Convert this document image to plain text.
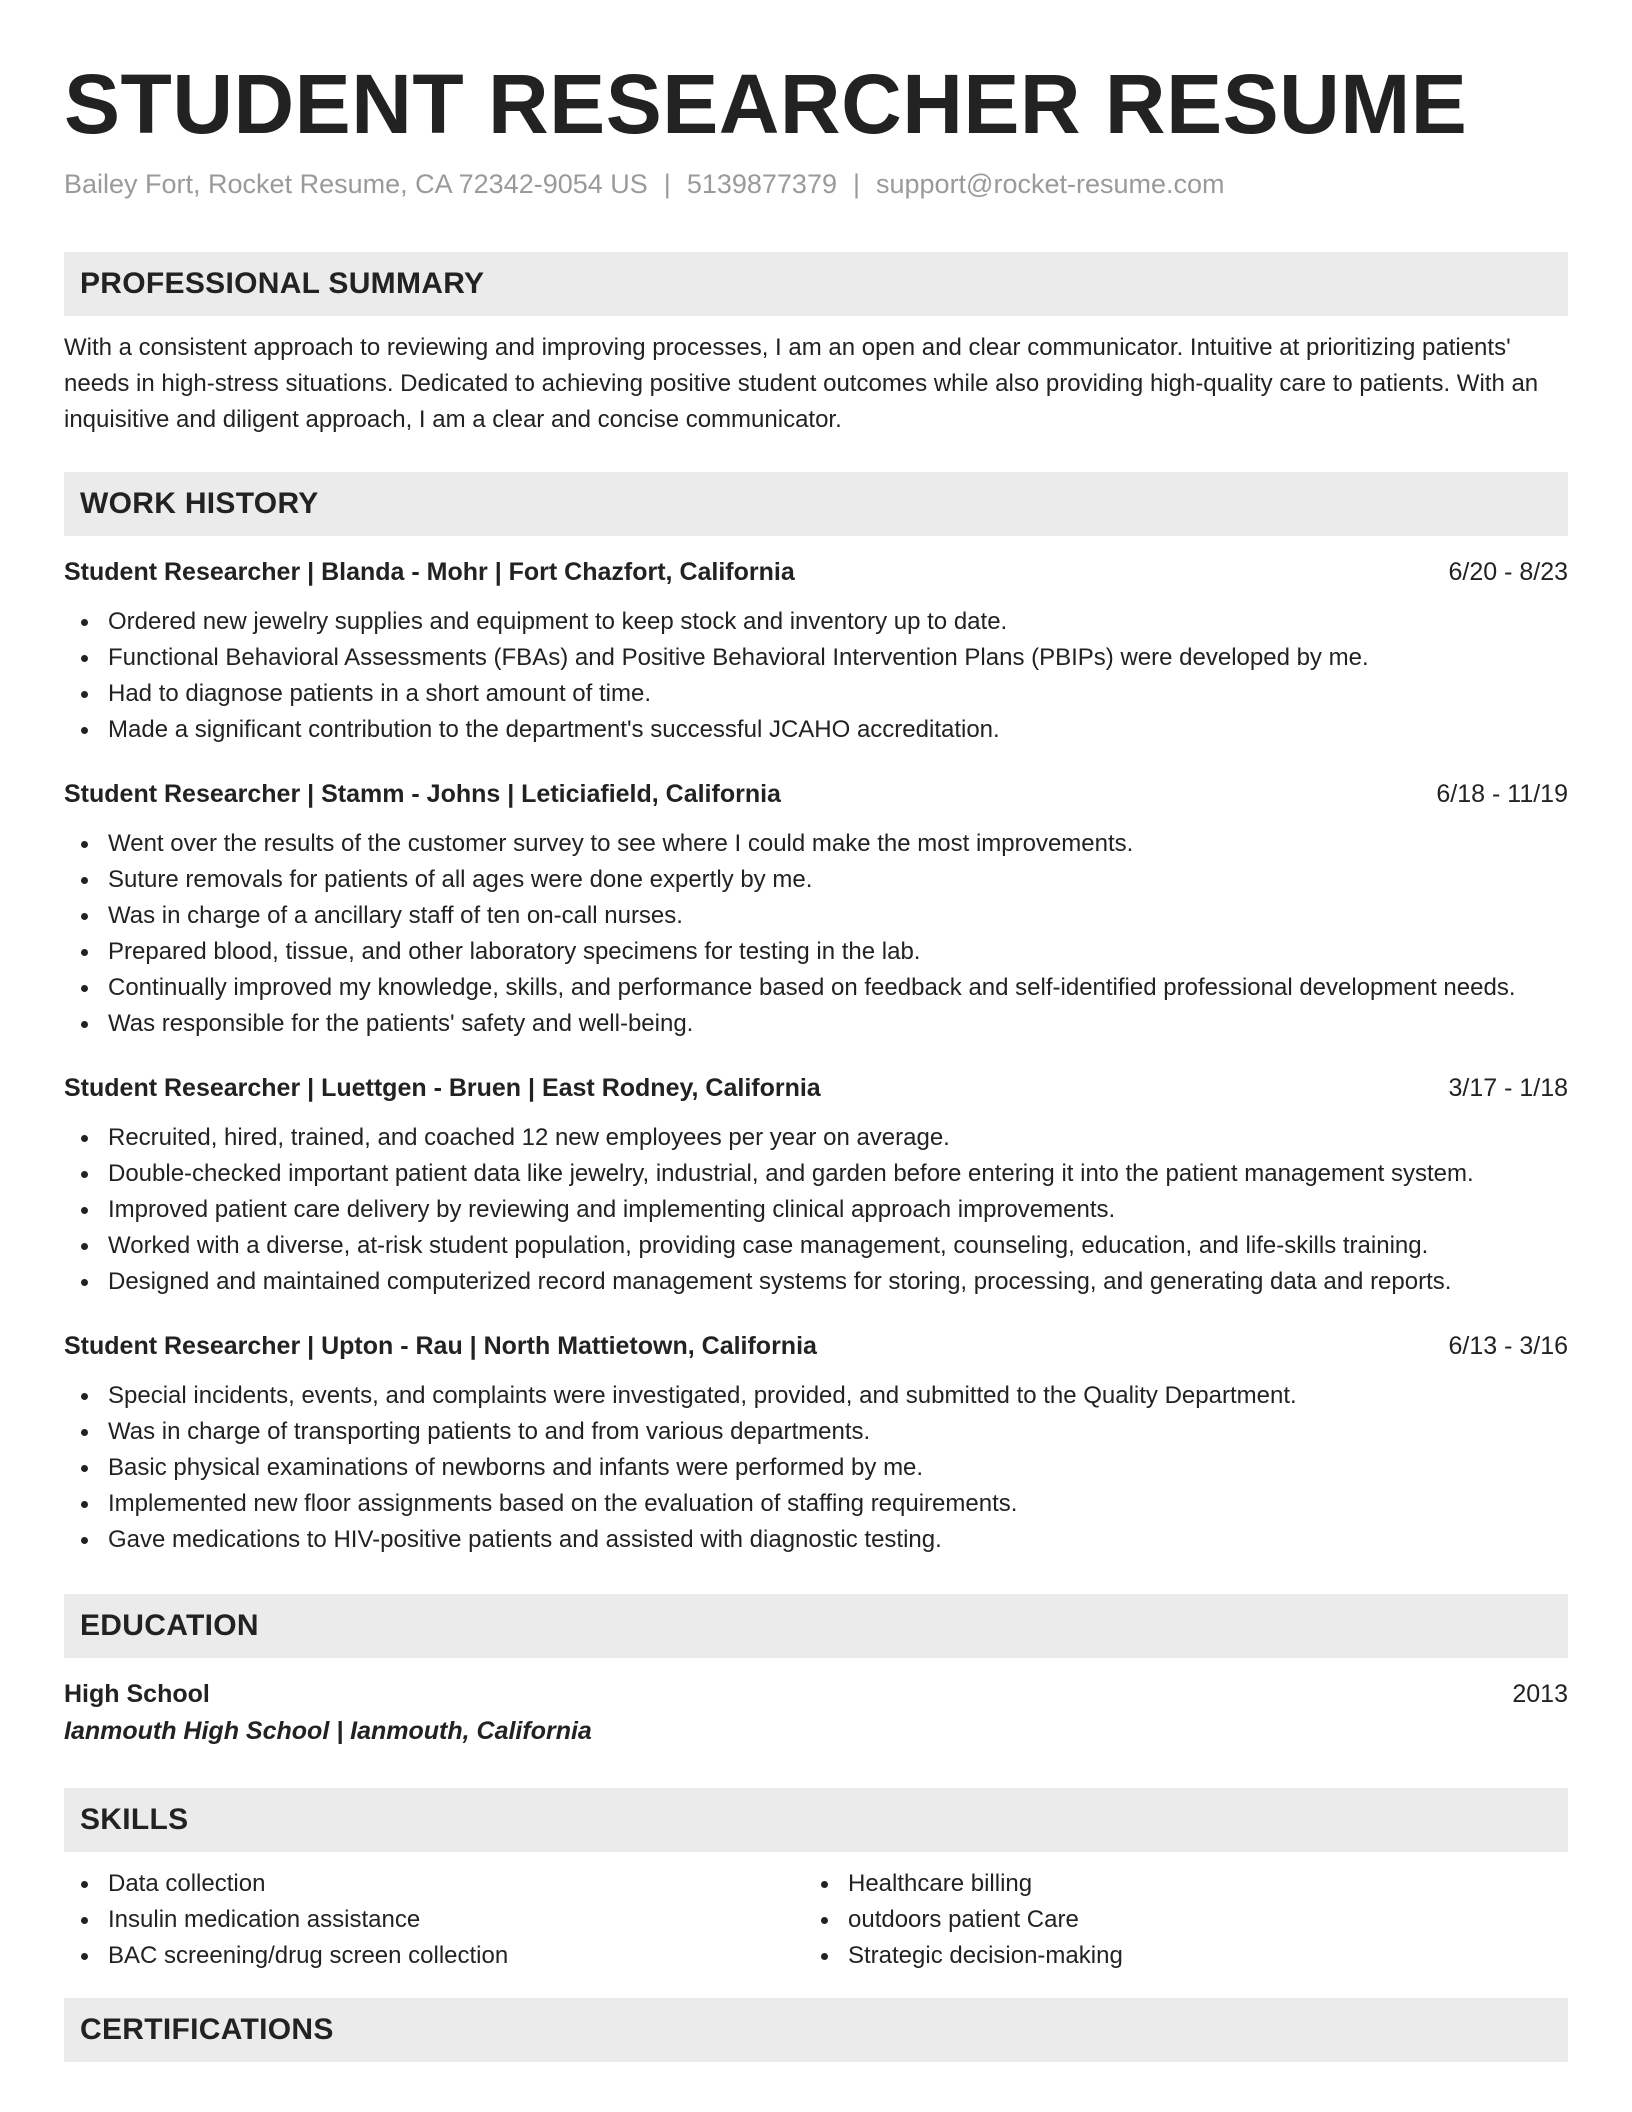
STUDENT RESEARCHER RESUME
Bailey Fort, Rocket Resume, CA 72342-9054 US | 5139877379 | support@rocket-resume.com
PROFESSIONAL SUMMARY

With a consistent approach to reviewing and improving processes, I am an open and clear communicator. Intuitive at prioritizing patients' needs in high-stress situations. Dedicated to achieving positive student outcomes while also providing high-quality care to patients. With an inquisitive and diligent approach, I am a clear and concise communicator.

WORK HISTORY
Student Researcher | Blanda - Mohr | Fort Chazfort, California	6/20 - 8/23
Ordered new jewelry supplies and equipment to keep stock and inventory up to date.
Functional Behavioral Assessments (FBAs) and Positive Behavioral Intervention Plans (PBIPs) were developed by me.
Had to diagnose patients in a short amount of time.
Made a significant contribution to the department's successful JCAHO accreditation.
Student Researcher | Stamm - Johns | Leticiafield, California	6/18 - 11/19
Went over the results of the customer survey to see where I could make the most improvements.
Suture removals for patients of all ages were done expertly by me.
Was in charge of a ancillary staff of ten on-call nurses.
Prepared blood, tissue, and other laboratory specimens for testing in the lab.
Continually improved my knowledge, skills, and performance based on feedback and self-identified professional development needs.
Was responsible for the patients' safety and well-being.
Student Researcher | Luettgen - Bruen | East Rodney, California	3/17 - 1/18
Recruited, hired, trained, and coached 12 new employees per year on average.
Double-checked important patient data like jewelry, industrial, and garden before entering it into the patient management system.
Improved patient care delivery by reviewing and implementing clinical approach improvements.
Worked with a diverse, at-risk student population, providing case management, counseling, education, and life-skills training.
Designed and maintained computerized record management systems for storing, processing, and generating data and reports.
Student Researcher | Upton - Rau | North Mattietown, California	6/13 - 3/16
Special incidents, events, and complaints were investigated, provided, and submitted to the Quality Department.
Was in charge of transporting patients to and from various departments.
Basic physical examinations of newborns and infants were performed by me.
Implemented new floor assignments based on the evaluation of staffing requirements.
Gave medications to HIV-positive patients and assisted with diagnostic testing.
EDUCATION
High School	2013
Ianmouth High School | Ianmouth, California
SKILLS
Data collection
Insulin medication assistance
BAC screening/drug screen collection
Healthcare billing
outdoors patient Care
Strategic decision-making
CERTIFICATIONS
